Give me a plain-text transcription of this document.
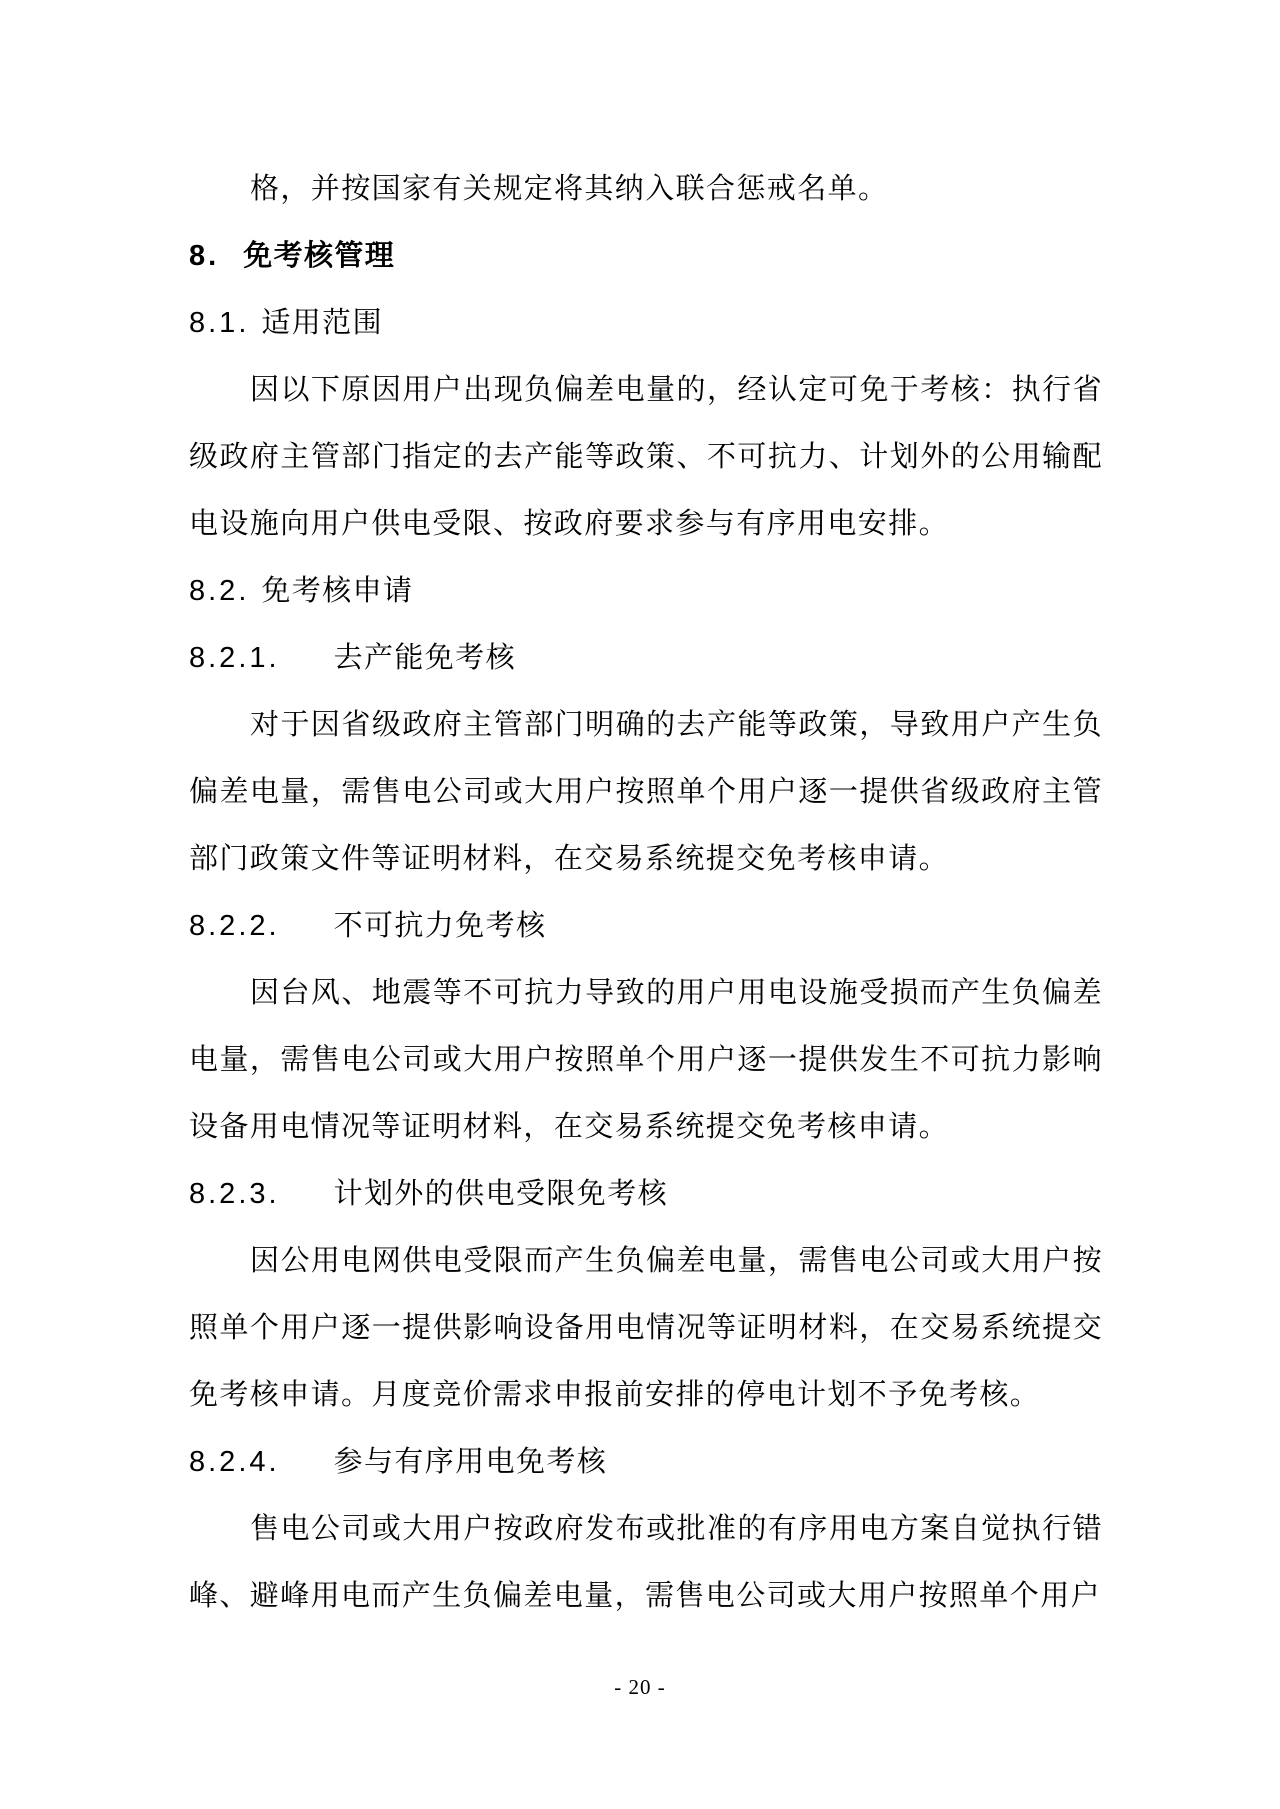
格，并按国家有关规定将其纳入联合惩戒名单。
8. 免考核管理
8.1. 适用范围
因以下原因用户出现负偏差电量的，经认定可免于考核：执行省级政府主管部门指定的去产能等政策、不可抗力、计划外的公用输配电设施向用户供电受限、按政府要求参与有序用电安排。
8.2. 免考核申请
8.2.1. 去产能免考核
对于因省级政府主管部门明确的去产能等政策，导致用户产生负偏差电量，需售电公司或大用户按照单个用户逐一提供省级政府主管部门政策文件等证明材料，在交易系统提交免考核申请。
8.2.2. 不可抗力免考核
因台风、地震等不可抗力导致的用户用电设施受损而产生负偏差电量，需售电公司或大用户按照单个用户逐一提供发生不可抗力影响设备用电情况等证明材料，在交易系统提交免考核申请。
8.2.3. 计划外的供电受限免考核
因公用电网供电受限而产生负偏差电量，需售电公司或大用户按照单个用户逐一提供影响设备用电情况等证明材料，在交易系统提交免考核申请。月度竞价需求申报前安排的停电计划不予免考核。
8.2.4. 参与有序用电免考核
售电公司或大用户按政府发布或批准的有序用电方案自觉执行错峰、避峰用电而产生负偏差电量，需售电公司或大用户按照单个用户
- 20 -
